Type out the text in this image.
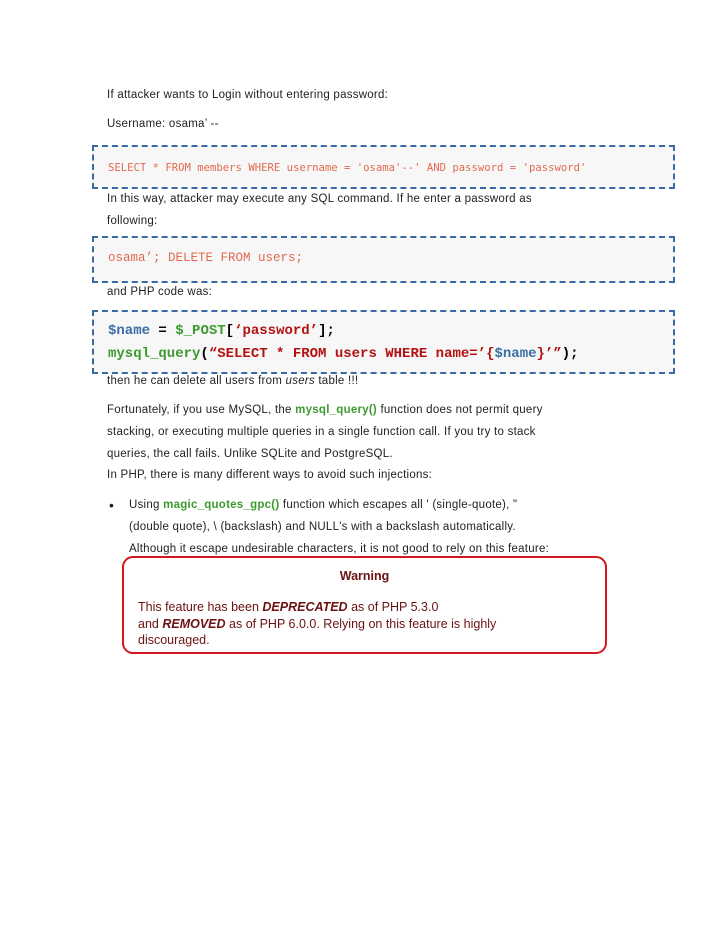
If attacker wants to Login without entering password:

Username: osama’ --

SELECT * FROM members WHERE username = 'osama'--' AND password = 'password'

In this way, attacker may execute any SQL command. If he enter a password as
following:

osama’; DELETE FROM users;

and PHP code was:

$name = $_POST[‘password’];
mysql_query(“SELECT * FROM users WHERE name=’{$name}’”);

then he can delete all users from users table !!!

Fortunately, if you use MySQL, the mysql_query() function does not permit query
stacking, or executing multiple queries in a single function call. If you try to stack
queries, the call fails. Unlike SQLite and PostgreSQL.

In PHP, there is many different ways to avoid such injections:

• Using magic_quotes_gpc() function which escapes all ' (single-quote), "
(double quote), \ (backslash) and NULL's with a backslash automatically.
Although it escape undesirable characters, it is not good to rely on this feature:

Warning
This feature has been DEPRECATED as of PHP 5.3.0
and REMOVED as of PHP 6.0.0. Relying on this feature is highly
discouraged.
